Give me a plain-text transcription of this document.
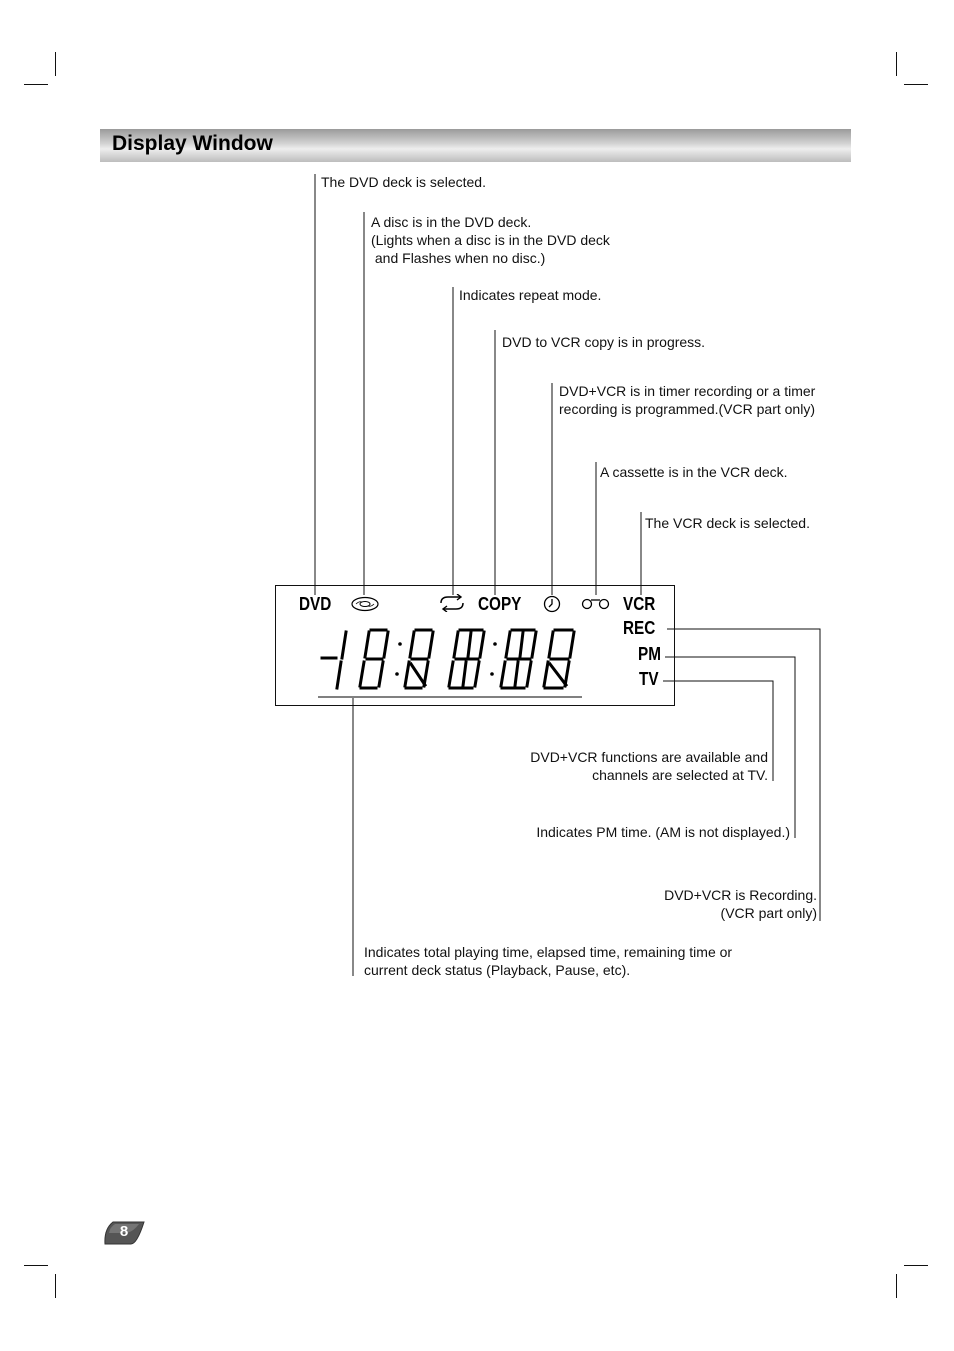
Display Window
The DVD deck is selected.
A disc is in the DVD deck.
(Lights when a disc is in the DVD deck
and Flashes when no disc.)
Indicates repeat mode.
DVD to VCR copy is in progress.
DVD+VCR is in timer recording or a timer
recording is programmed.(VCR part only)
A cassette is in the VCR deck.
The VCR deck is selected.
DVD+VCR functions are available and
channels are selected at TV.
Indicates PM time. (AM is not displayed.)
DVD+VCR is Recording.
(VCR part only)
Indicates total playing time, elapsed time, remaining time or
current deck status (Playback, Pause, etc).
DVD	COPY	VCR
REC
PM
TV
8
